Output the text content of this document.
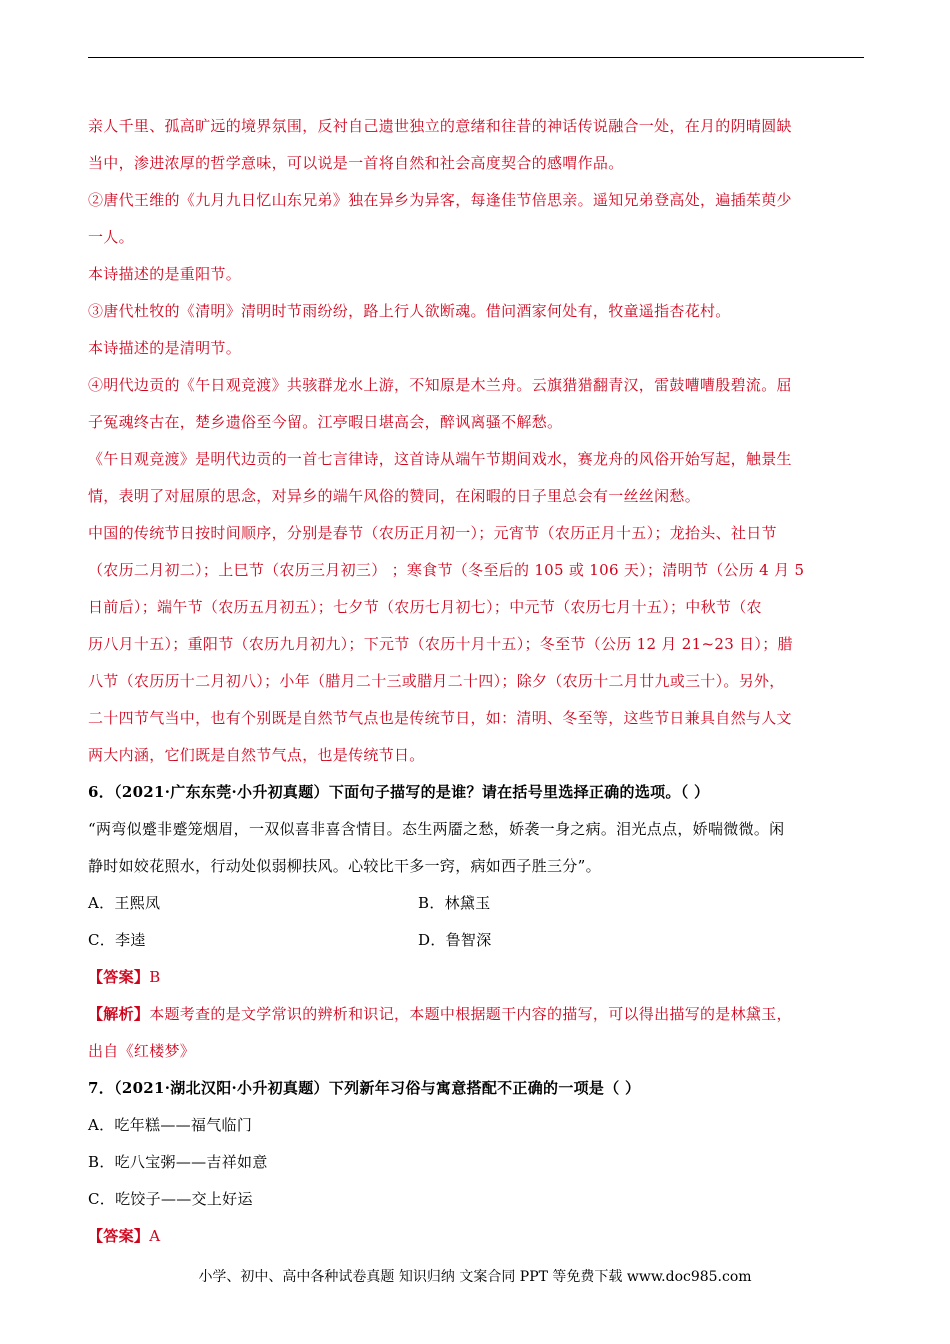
亲人千里、孤高旷远的境界氛围，反衬自己遗世独立的意绪和往昔的神话传说融合一处，在月的阴晴圆缺

当中，渗进浓厚的哲学意味，可以说是一首将自然和社会高度契合的感喟作品。

②唐代王维的《九月九日忆山东兄弟》独在异乡为异客，每逢佳节倍思亲。遥知兄弟登高处，遍插茱萸少

一人。

本诗描述的是重阳节。

③唐代杜牧的《清明》清明时节雨纷纷，路上行人欲断魂。借问酒家何处有，牧童遥指杏花村。

本诗描述的是清明节。

④明代边贡的《午日观竞渡》共骇群龙水上游，不知原是木兰舟。云旗猎猎翻青汉，雷鼓嘈嘈殷碧流。屈

子冤魂终古在，楚乡遗俗至今留。江亭暇日堪高会，醉讽离骚不解愁。

《午日观竞渡》是明代边贡的一首七言律诗，这首诗从端午节期间戏水，赛龙舟的风俗开始写起，触景生

情，表明了对屈原的思念，对异乡的端午风俗的赞同，在闲暇的日子里总会有一丝丝闲愁。

中国的传统节日按时间顺序，分别是春节（农历正月初一）；元宵节（农历正月十五）；龙抬头、社日节

（农历二月初二）；上巳节（农历三月初三） ；寒食节（冬至后的 105 或 106 天）；清明节（公历 4 月 5

日前后）；端午节（农历五月初五）；七夕节（农历七月初七）；中元节（农历七月十五）；中秋节（农

历八月十五）；重阳节（农历九月初九）；下元节（农历十月十五）；冬至节（公历 12 月 21~23 日）；腊

八节（农历历十二月初八）；小年（腊月二十三或腊月二十四）；除夕（农历十二月廿九或三十）。另外，

二十四节气当中，也有个别既是自然节气点也是传统节日，如：清明、冬至等，这些节日兼具自然与人文

两大内涵，它们既是自然节气点，也是传统节日。

6．（2021·广东东莞·小升初真题）下面句子描写的是谁？请在括号里选择正确的选项。（ ）

“两弯似蹙非蹙笼烟眉，一双似喜非喜含情目。态生两靥之愁，娇袭一身之病。泪光点点，娇喘微微。闲

静时如姣花照水，行动处似弱柳扶风。心较比干多一窍，病如西子胜三分”。

A．王熙凤	B．林黛玉
C．李逵	D．鲁智深

【答案】B

【解析】本题考查的是文学常识的辨析和识记，本题中根据题干内容的描写，可以得出描写的是林黛玉，

出自《红楼梦》

7．（2021·湖北汉阳·小升初真题）下列新年习俗与寓意搭配不正确的一项是（ ）

A．吃年糕——福气临门

B．吃八宝粥——吉祥如意

C．吃饺子——交上好运

【答案】A

小学、初中、高中各种试卷真题 知识归纳 文案合同 PPT 等免费下载 www.doc985.com
